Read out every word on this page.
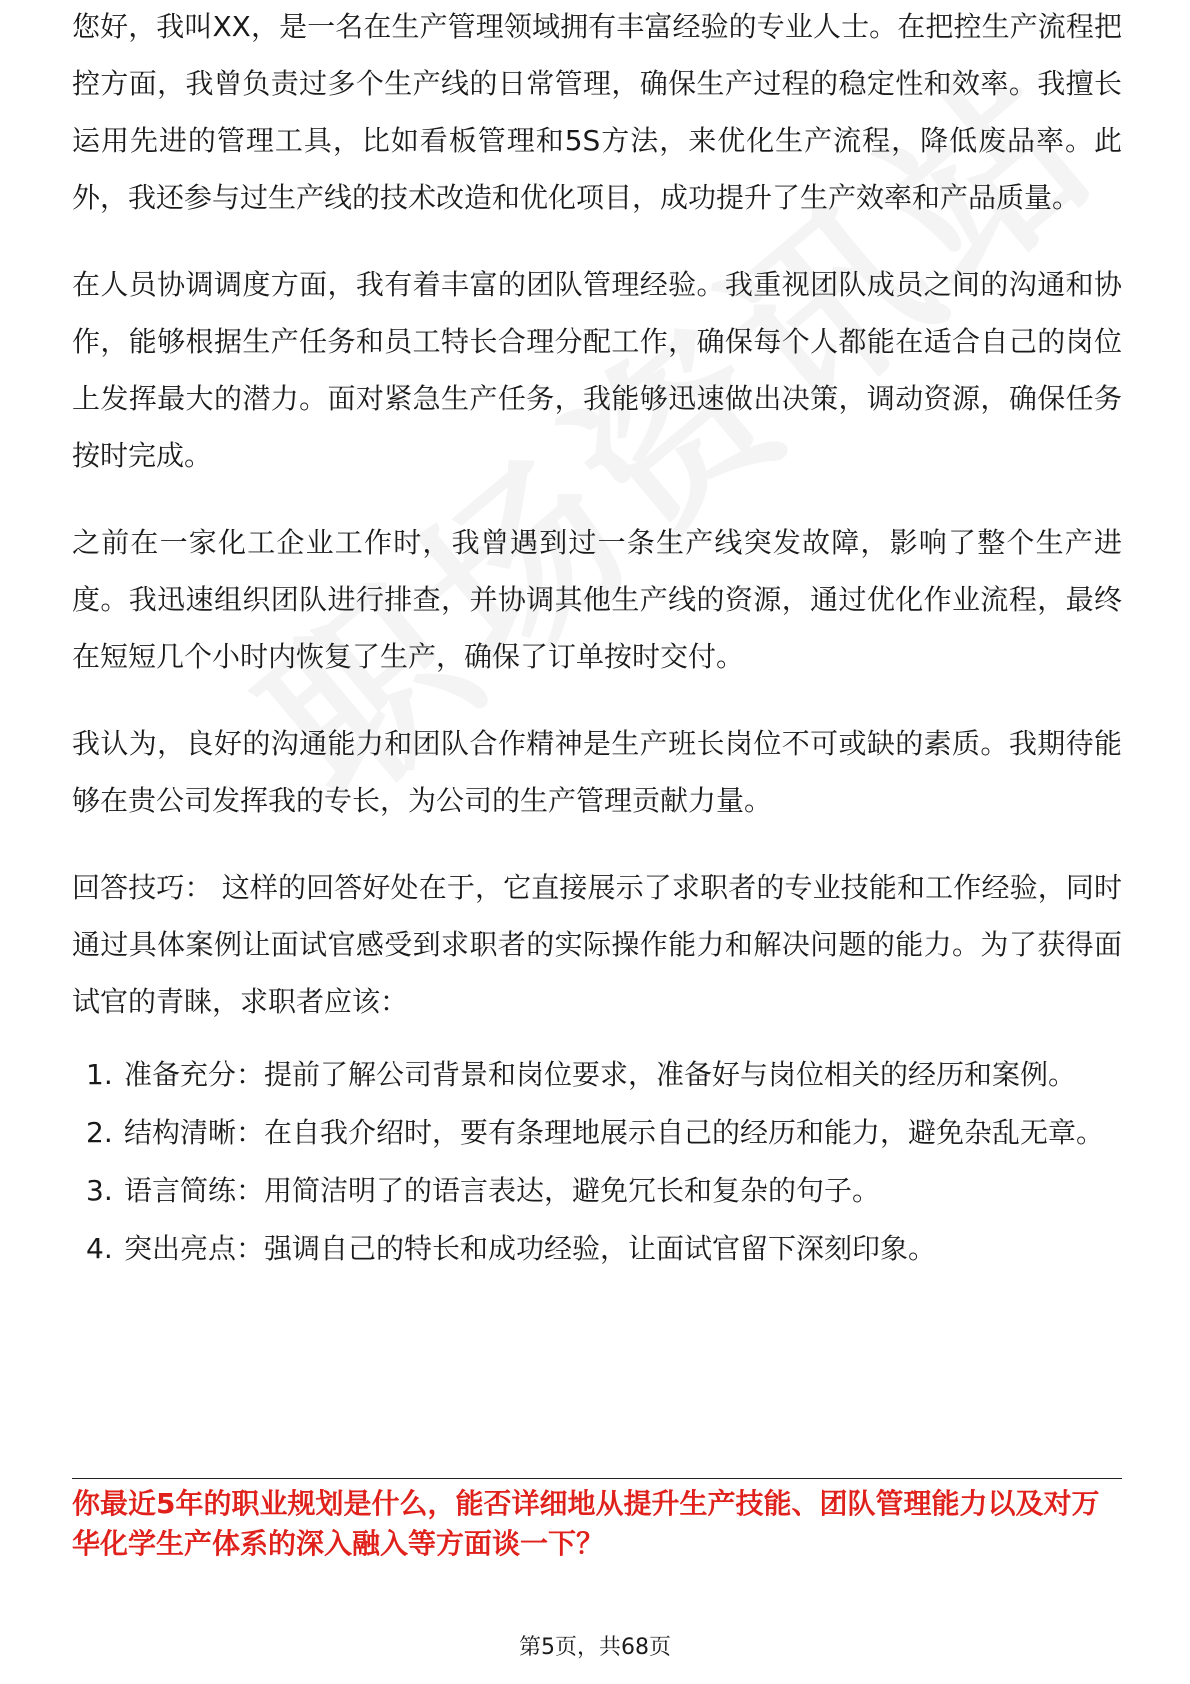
您好，我叫XX，是一名在生产管理领域拥有丰富经验的专业人士。在把控生产流程把控方面，我曾负责过多个生产线的日常管理，确保生产过程的稳定性和效率。我擅长运用先进的管理工具，比如看板管理和5S方法，来优化生产流程，降低废品率。此外，我还参与过生产线的技术改造和优化项目，成功提升了生产效率和产品质量。

在人员协调调度方面，我有着丰富的团队管理经验。我重视团队成员之间的沟通和协作，能够根据生产任务和员工特长合理分配工作，确保每个人都能在适合自己的岗位上发挥最大的潜力。面对紧急生产任务，我能够迅速做出决策，调动资源，确保任务按时完成。

之前在一家化工企业工作时，我曾遇到过一条生产线突发故障，影响了整个生产进度。我迅速组织团队进行排查，并协调其他生产线的资源，通过优化作业流程，最终在短短几个小时内恢复了生产，确保了订单按时交付。

我认为，良好的沟通能力和团队合作精神是生产班长岗位不可或缺的素质。我期待能够在贵公司发挥我的专长，为公司的生产管理贡献力量。

回答技巧： 这样的回答好处在于，它直接展示了求职者的专业技能和工作经验，同时通过具体案例让面试官感受到求职者的实际操作能力和解决问题的能力。为了获得面试官的青睐，求职者应该：

1. 准备充分：提前了解公司背景和岗位要求，准备好与岗位相关的经历和案例。
2. 结构清晰：在自我介绍时，要有条理地展示自己的经历和能力，避免杂乱无章。
3. 语言简练：用简洁明了的语言表达，避免冗长和复杂的句子。
4. 突出亮点：强调自己的特长和成功经验，让面试官留下深刻印象。
你最近5年的职业规划是什么，能否详细地从提升生产技能、团队管理能力以及对万华化学生产体系的深入融入等方面谈一下？
第5页，共68页
